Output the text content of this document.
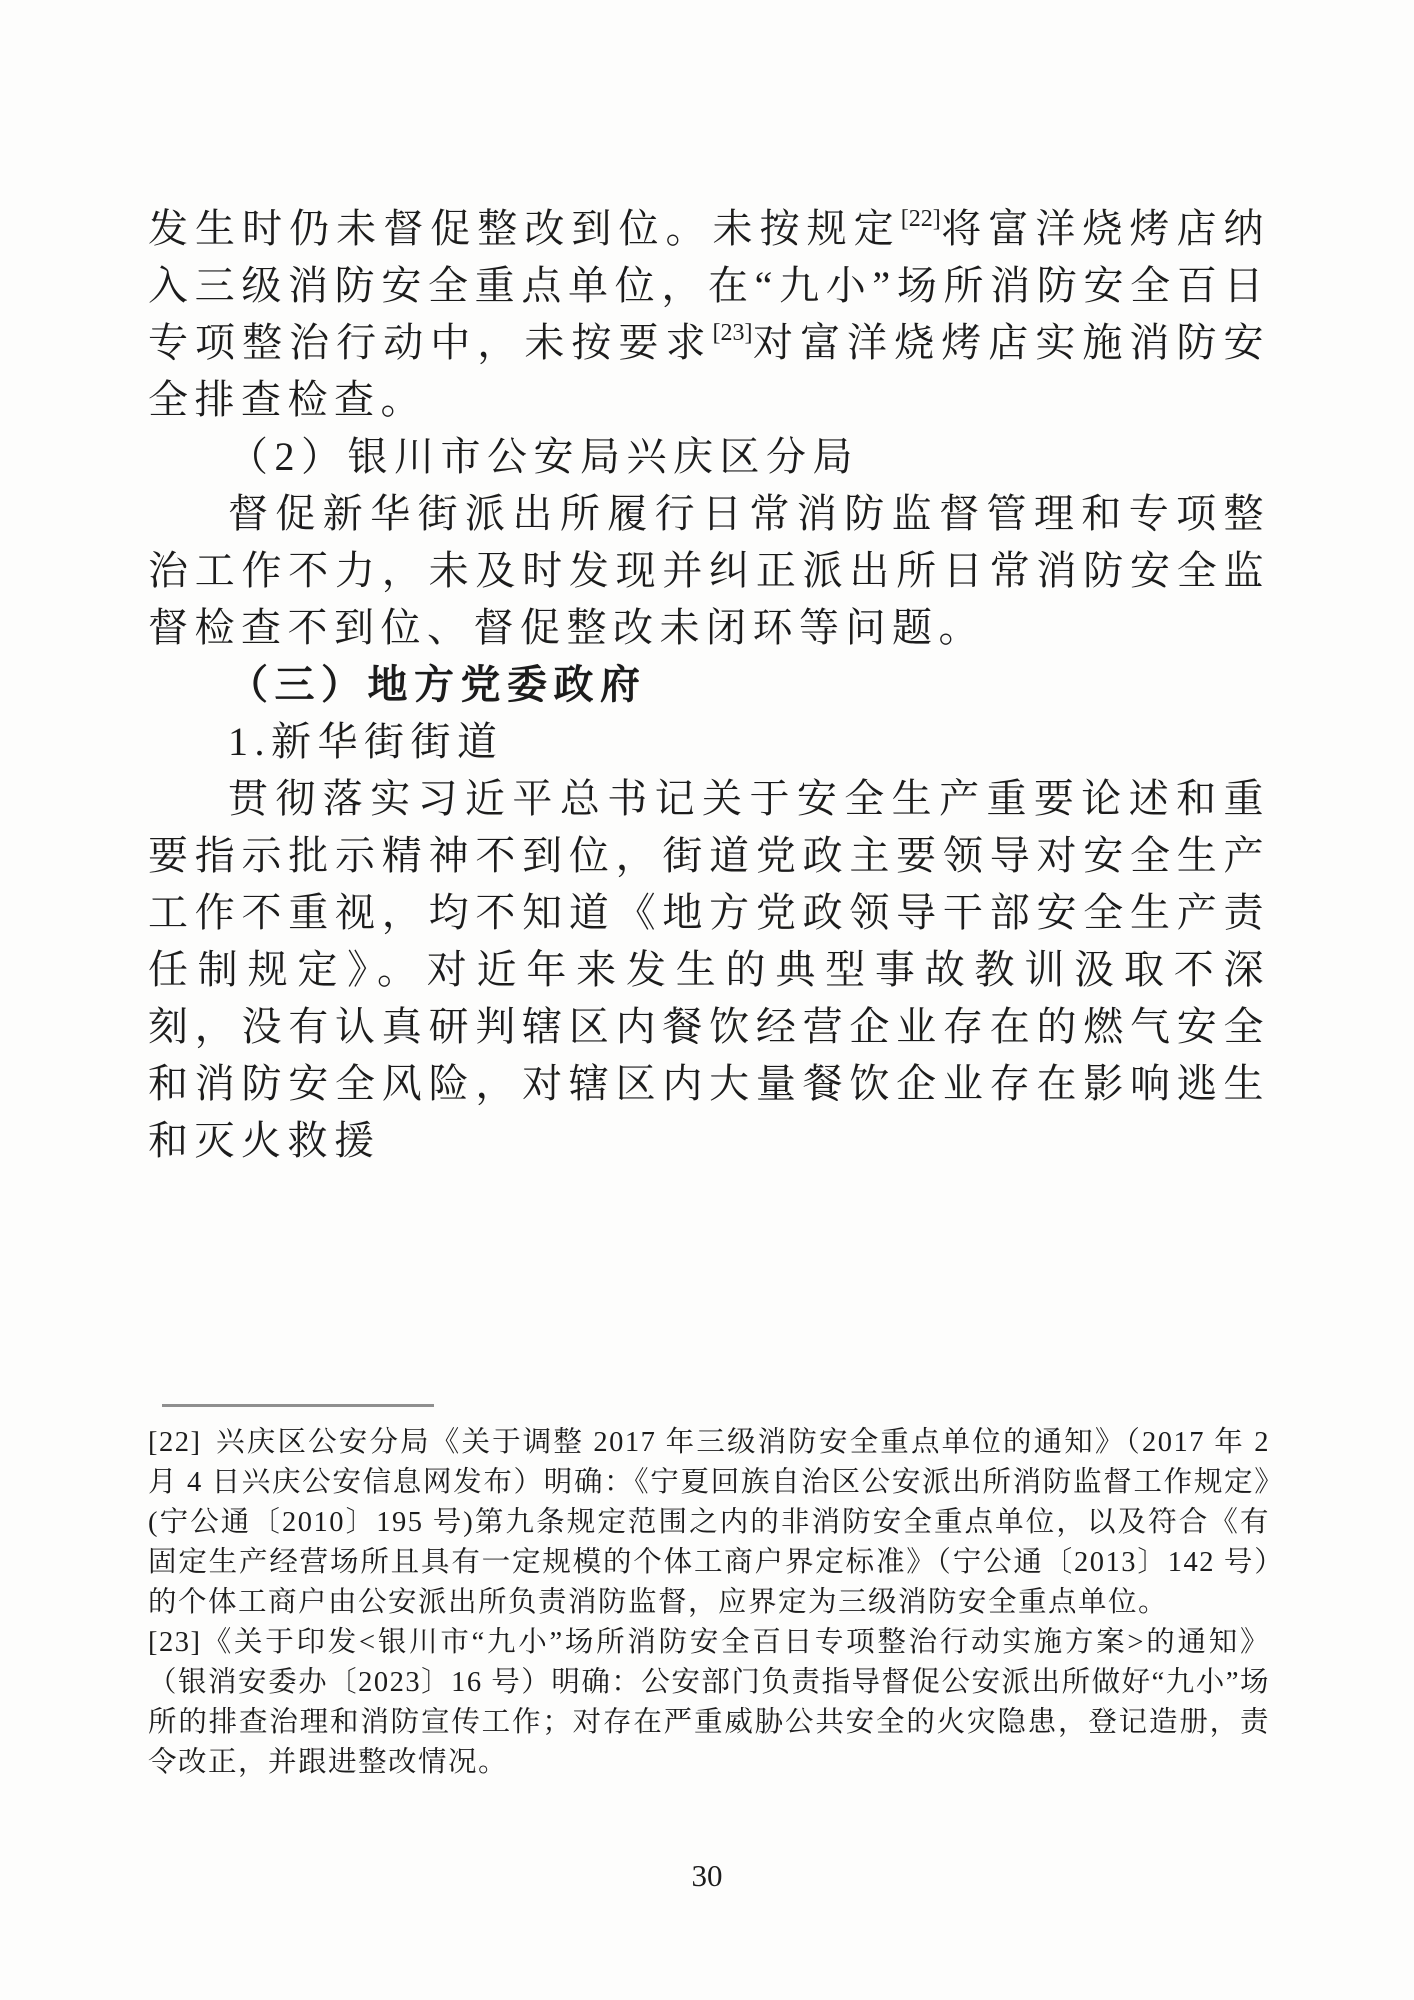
发生时仍未督促整改到位。未按规定[22]将富洋烧烤店纳入三级消防安全重点单位，在“九小”场所消防安全百日专项整治行动中，未按要求[23]对富洋烧烤店实施消防安全排查检查。

（2）银川市公安局兴庆区分局

督促新华街派出所履行日常消防监督管理和专项整治工作不力，未及时发现并纠正派出所日常消防安全监督检查不到位、督促整改未闭环等问题。

（三）地方党委政府

1.新华街街道

贯彻落实习近平总书记关于安全生产重要论述和重要指示批示精神不到位，街道党政主要领导对安全生产工作不重视，均不知道《地方党政领导干部安全生产责任制规定》。对近年来发生的典型事故教训汲取不深刻，没有认真研判辖区内餐饮经营企业存在的燃气安全和消防安全风险，对辖区内大量餐饮企业存在影响逃生和灭火救援

[22] 兴庆区公安分局《关于调整 2017 年三级消防安全重点单位的通知》（2017 年 2 月 4 日兴庆公安信息网发布）明确：《宁夏回族自治区公安派出所消防监督工作规定》(宁公通〔2010〕195 号)第九条规定范围之内的非消防安全重点单位，以及符合《有固定生产经营场所且具有一定规模的个体工商户界定标准》（宁公通〔2013〕142 号）的个体工商户由公安派出所负责消防监督，应界定为三级消防安全重点单位。

[23]《关于印发<银川市“九小”场所消防安全百日专项整治行动实施方案>的通知》（银消安委办〔2023〕16 号）明确：公安部门负责指导督促公安派出所做好“九小”场所的排查治理和消防宣传工作；对存在严重威胁公共安全的火灾隐患，登记造册，责令改正，并跟进整改情况。

30
